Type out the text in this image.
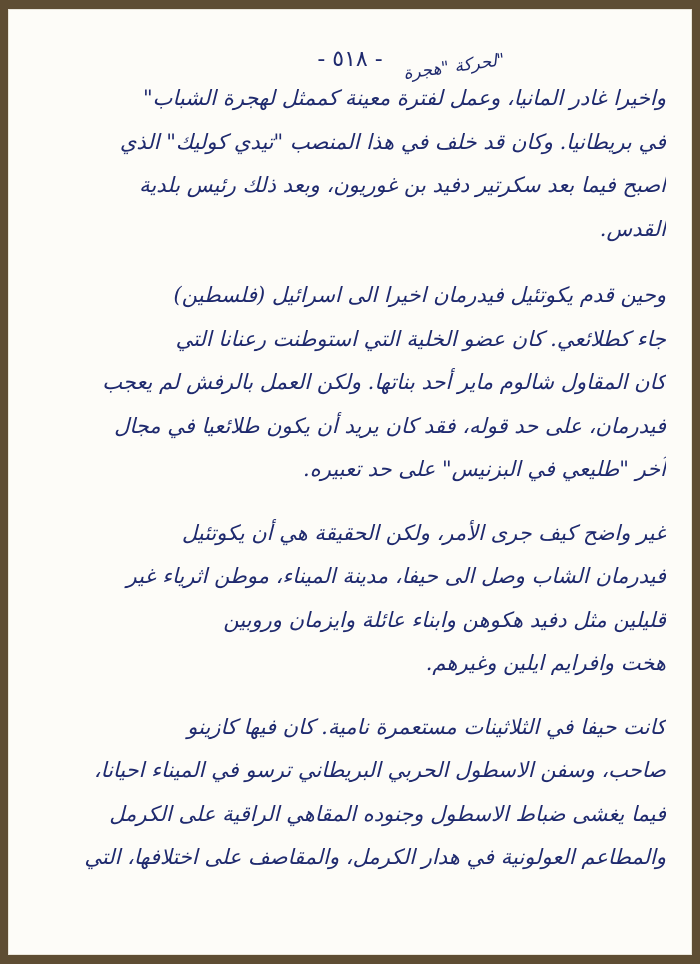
- ٥١٨ -	لحركة "هجرة"
واخيرا غادر المانيا، وعمل لفترة معينة كممثل لهجرة الشباب"
في بريطانيا. وكان قد خلف في هذا المنصب "تيدي كوليك" الذي
اصبح فيما بعد سكرتير دفيد بن غوريون، وبعد ذلك رئيس بلدية
القدس.
وحين قدم يكوتئيل فيدرمان اخيرا الى اسرائيل (فلسطين)
جاء كطلائعي. كان عضو الخلية التي استوطنت رعنانا التي
كان المقاول شالوم ماير أحد بناتها. ولكن العمل بالرفش لم يعجب
فيدرمان، على حد قوله، فقد كان يريد أن يكون طلائعيا في مجال
آخر "طليعي في البزنيس" على حد تعبيره.
غير واضح كيف جرى الأمر، ولكن الحقيقة هي أن يكوتئيل
فيدرمان الشاب وصل الى حيفا، مدينة الميناء، موطن اثرياء غير
قليلين مثل دفيد هكوهن وابناء عائلة وايزمان وروبين
هخت وافرايم ايلين وغيرهم.
كانت حيفا في الثلاثينات مستعمرة نامية. كان فيها كازينو
صاحب، وسفن الاسطول الحربي البريطاني ترسو في الميناء احيانا،
فيما يغشى ضباط الاسطول وجنوده المقاهي الراقية على الكرمل
والمطاعم العولونية في هدار الكرمل، والمقاصف على اختلافها، التي
